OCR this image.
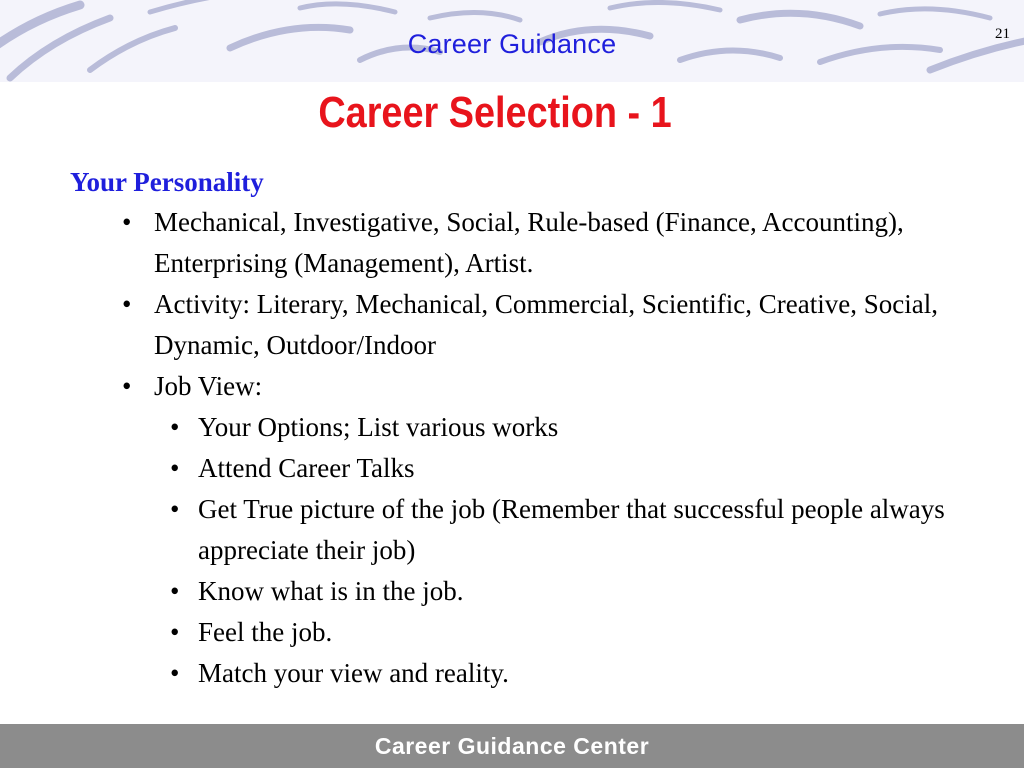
Career Guidance	21
Career Selection - 1
Your Personality
• Mechanical, Investigative, Social, Rule-based (Finance, Accounting), Enterprising (Management), Artist.
• Activity: Literary, Mechanical, Commercial, Scientific, Creative, Social, Dynamic, Outdoor/Indoor
• Job View:
• Your Options; List various works
• Attend Career Talks
• Get True picture of the job (Remember that successful people always appreciate their job)
• Know what is in the job.
• Feel the job.
• Match your view and reality.
Career Guidance Center
